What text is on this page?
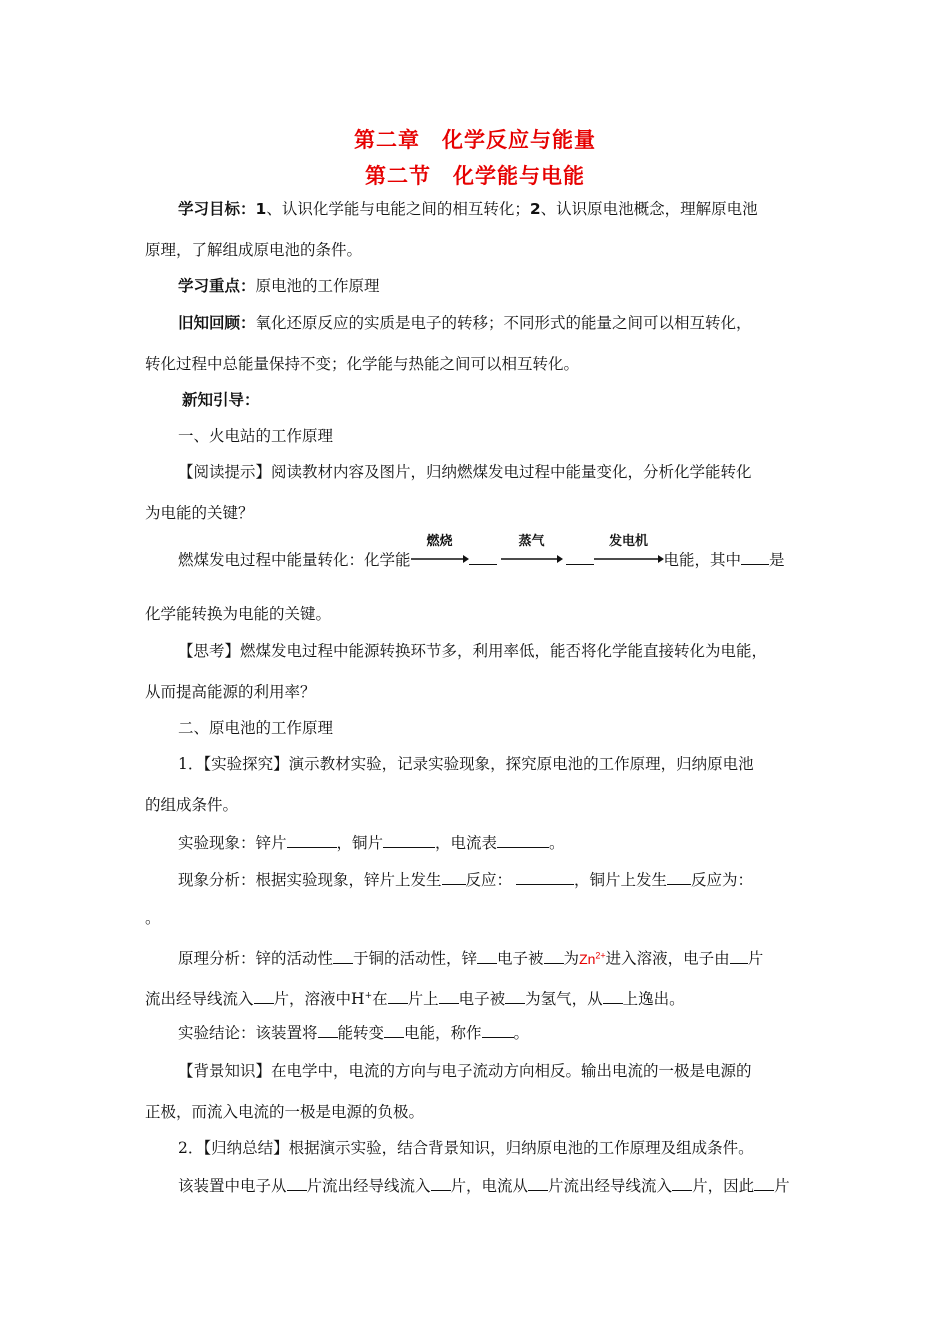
第二章　化学反应与能量
第二节　化学能与电能
学习目标：1、认识化学能与电能之间的相互转化；2、认识原电池概念，理解原电池
原理，了解组成原电池的条件。
学习重点：原电池的工作原理
旧知回顾：氧化还原反应的实质是电子的转移；不同形式的能量之间可以相互转化，
转化过程中总能量保持不变；化学能与热能之间可以相互转化。
新知引导：
一、火电站的工作原理
【阅读提示】阅读教材内容及图片，归纳燃煤发电过程中能量变化，分析化学能转化
为电能的关键？
燃煤发电过程中能量转化：化学能
燃烧	蒸气	发电机
电能，其中 是
化学能转换为电能的关键。
【思考】燃煤发电过程中能源转换环节多，利用率低，能否将化学能直接转化为电能，
从而提高能源的利用率？
二、原电池的工作原理
1．【实验探究】演示教材实验，记录实验现象，探究原电池的工作原理，归纳原电池
的组成条件。
实验现象：锌片	，铜片	，电流表	。
现象分析：根据实验现象，锌片上发生 反应：	，铜片上发生 反应为：
。
原理分析：锌的活动性 于铜的活动性，锌 电子被 为$Zn^{2+}$进入溶液，电子由 片
流出经导线流入 片，溶液中H+在 片上 电子被 为氢气，从 上逸出。
实验结论：该装置将 能转变 电能，称作 。
【背景知识】在电学中，电流的方向与电子流动方向相反。输出电流的一极是电源的
正极，而流入电流的一极是电源的负极。
2．【归纳总结】根据演示实验，结合背景知识，归纳原电池的工作原理及组成条件。
该装置中电子从 片流出经导线流入 片，电流从 片流出经导线流入 片，因此 片
